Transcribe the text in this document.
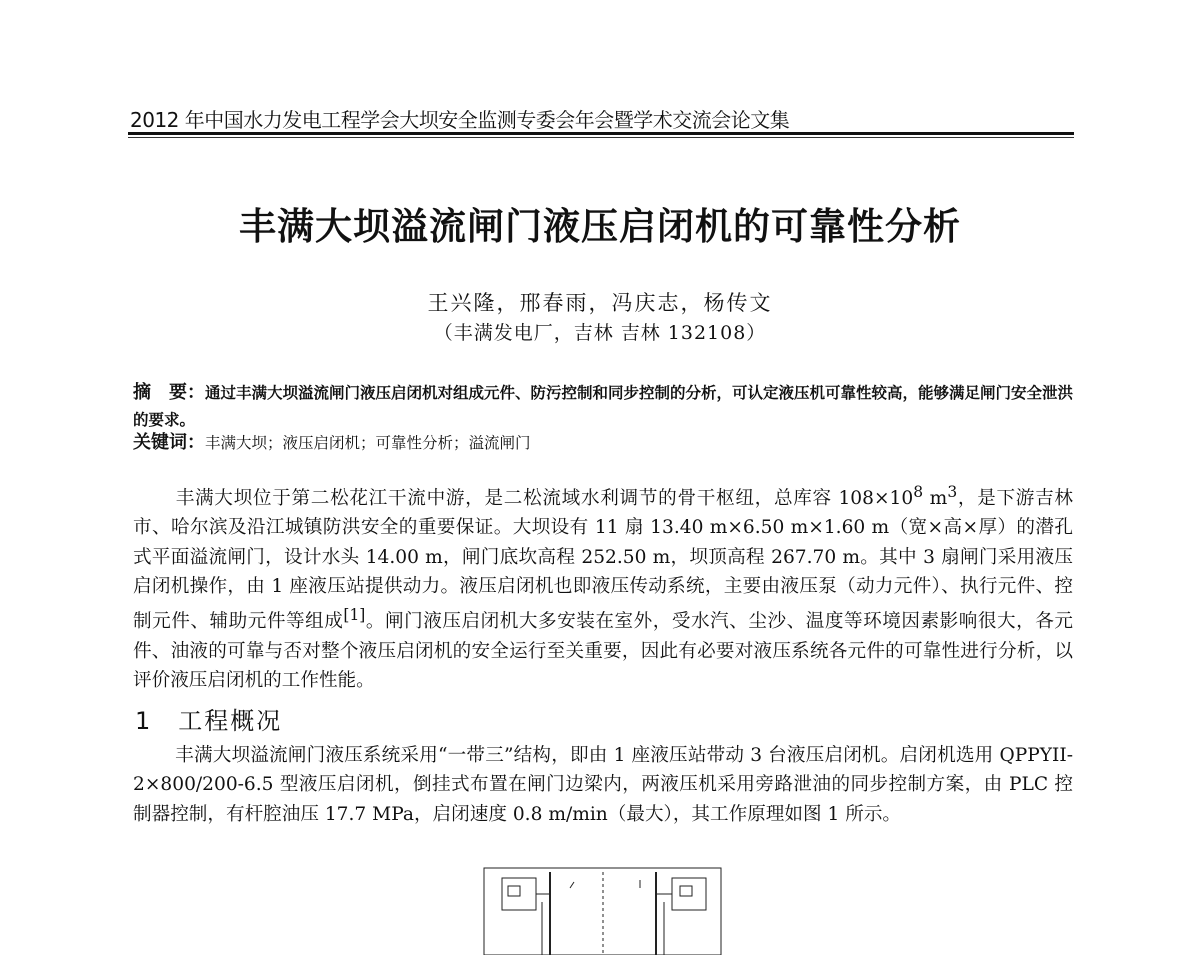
2012 年中国水力发电工程学会大坝安全监测专委会年会暨学术交流会论文集
丰满大坝溢流闸门液压启闭机的可靠性分析
王兴隆，邢春雨，冯庆志，杨传文
（丰满发电厂，吉林 吉林 132108）
摘　要：通过丰满大坝溢流闸门液压启闭机对组成元件、防污控制和同步控制的分析，可认定液压机可靠性较高，能够满足闸门安全泄洪的要求。
关键词：丰满大坝；液压启闭机；可靠性分析；溢流闸门
丰满大坝位于第二松花江干流中游，是二松流域水利调节的骨干枢纽，总库容 $108\times 10^8$ $m^3$，是下游吉林市、哈尔滨及沿江城镇防洪安全的重要保证。大坝设有 11 扇 13.40 m×6.50 m×1.60 m（宽×高×厚）的潜孔式平面溢流闸门，设计水头 14.00 m，闸门底坎高程 252.50 m，坝顶高程 267.70 m。其中 3 扇闸门采用液压启闭机操作，由 1 座液压站提供动力。液压启闭机也即液压传动系统，主要由液压泵（动力元件）、执行元件、控制元件、辅助元件等组成[1]。闸门液压启闭机大多安装在室外，受水汽、尘沙、温度等环境因素影响很大，各元件、油液的可靠与否对整个液压启闭机的安全运行至关重要，因此有必要对液压系统各元件的可靠性进行分析，以评价液压启闭机的工作性能。
1　工程概况
丰满大坝溢流闸门液压系统采用“一带三”结构，即由 1 座液压站带动 3 台液压启闭机。启闭机选用 QPPYII-2×800/200-6.5 型液压启闭机，倒挂式布置在闸门边梁内，两液压机采用旁路泄油的同步控制方案，由 PLC 控制器控制，有杆腔油压 17.7 MPa，启闭速度 0.8 m/min（最大），其工作原理如图 1 所示。
